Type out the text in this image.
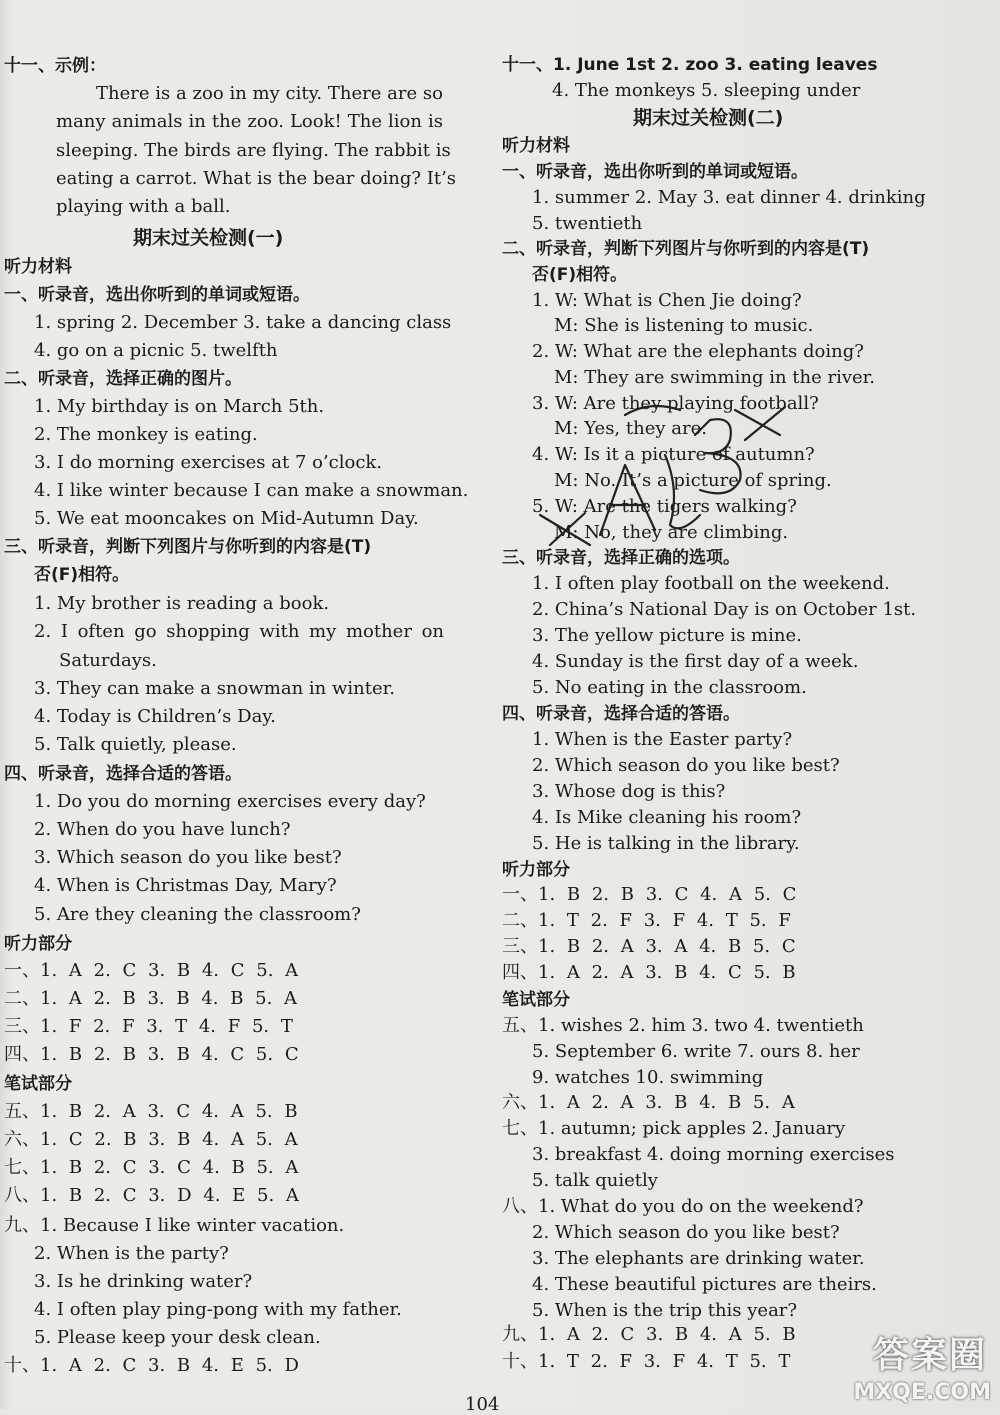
十一、示例：
There is a zoo in my city. There are so
many animals in the zoo. Look! The lion is
sleeping. The birds are flying. The rabbit is
eating a carrot. What is the bear doing? It’s
playing with a ball.
期末过关检测(一)
听力材料
一、听录音，选出你听到的单词或短语。
1. spring 2. December 3. take a dancing class
4. go on a picnic 5. twelfth
二、听录音，选择正确的图片。
1. My birthday is on March 5th.
2. The monkey is eating.
3. I do morning exercises at 7 o’clock.
4. I like winter because I can make a snowman.
5. We eat mooncakes on Mid-Autumn Day.
三、听录音，判断下列图片与你听到的内容是(T)
否(F)相符。
1. My brother is reading a book.
2. I often go shopping with my mother on
Saturdays.
3. They can make a snowman in winter.
4. Today is Children’s Day.
5. Talk quietly, please.
四、听录音，选择合适的答语。
1. Do you do morning exercises every day?
2. When do you have lunch?
3. Which season do you like best?
4. When is Christmas Day, Mary?
5. Are they cleaning the classroom?
听力部分
一、1. A 2. C 3. B 4. C 5. A
二、1. A 2. B 3. B 4. B 5. A
三、1. F 2. F 3. T 4. F 5. T
四、1. B 2. B 3. B 4. C 5. C
笔试部分
五、1. B 2. A 3. C 4. A 5. B
六、1. C 2. B 3. B 4. A 5. A
七、1. B 2. C 3. C 4. B 5. A
八、1. B 2. C 3. D 4. E 5. A
九、1. Because I like winter vacation.
2. When is the party?
3. Is he drinking water?
4. I often play ping-pong with my father.
5. Please keep your desk clean.
十、1. A 2. C 3. B 4. E 5. D
十一、1. June 1st 2. zoo 3. eating leaves
4. The monkeys 5. sleeping under
期末过关检测(二)
听力材料
一、听录音，选出你听到的单词或短语。
1. summer 2. May 3. eat dinner 4. drinking
5. twentieth
二、听录音，判断下列图片与你听到的内容是(T)
否(F)相符。
1. W: What is Chen Jie doing?
M: She is listening to music.
2. W: What are the elephants doing?
M: They are swimming in the river.
3. W: Are they playing football?
M: Yes, they are.
4. W: Is it a picture of autumn?
M: No. It’s a picture of spring.
5. W: Are the tigers walking?
M: No, they are climbing.
三、听录音，选择正确的选项。
1. I often play football on the weekend.
2. China’s National Day is on October 1st.
3. The yellow picture is mine.
4. Sunday is the first day of a week.
5. No eating in the classroom.
四、听录音，选择合适的答语。
1. When is the Easter party?
2. Which season do you like best?
3. Whose dog is this?
4. Is Mike cleaning his room?
5. He is talking in the library.
听力部分
一、1. B 2. B 3. C 4. A 5. C
二、1. T 2. F 3. F 4. T 5. F
三、1. B 2. A 3. A 4. B 5. C
四、1. A 2. A 3. B 4. C 5. B
笔试部分
五、1. wishes 2. him 3. two 4. twentieth
5. September 6. write 7. ours 8. her
9. watches 10. swimming
六、1. A 2. A 3. B 4. B 5. A
七、1. autumn; pick apples 2. January
3. breakfast 4. doing morning exercises
5. talk quietly
八、1. What do you do on the weekend?
2. Which season do you like best?
3. The elephants are drinking water.
4. These beautiful pictures are theirs.
5. When is the trip this year?
九、1. A 2. C 3. B 4. A 5. B
十、1. T 2. F 3. F 4. T 5. T
104
答案圈
MXQE.COM
